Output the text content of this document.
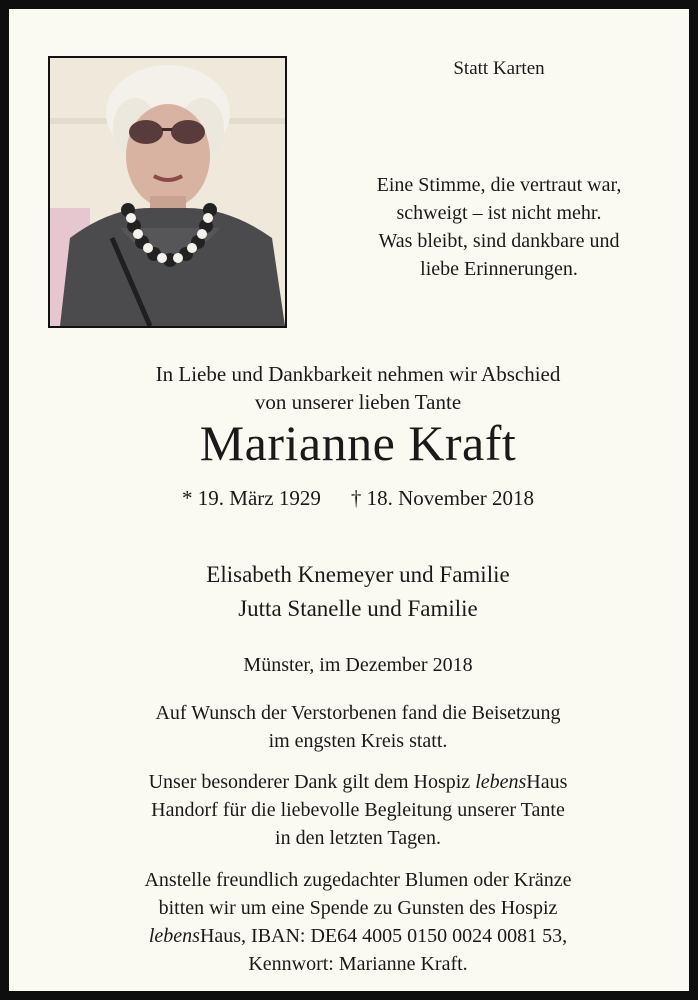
Statt Karten
Eine Stimme, die vertraut war,
schweigt – ist nicht mehr.
Was bleibt, sind dankbare und
liebe Erinnerungen.
In Liebe und Dankbarkeit nehmen wir Abschied
von unserer lieben Tante
Marianne Kraft
* 19. März 1929 † 18. November 2018
Elisabeth Knemeyer und Familie
Jutta Stanelle und Familie
Münster, im Dezember 2018
Auf Wunsch der Verstorbenen fand die Beisetzung
im engsten Kreis statt.
Unser besonderer Dank gilt dem Hospiz lebensHaus
Handorf für die liebevolle Begleitung unserer Tante
in den letzten Tagen.
Anstelle freundlich zugedachter Blumen oder Kränze
bitten wir um eine Spende zu Gunsten des Hospiz
lebensHaus, IBAN: DE64 4005 0150 0024 0081 53,
Kennwort: Marianne Kraft.
